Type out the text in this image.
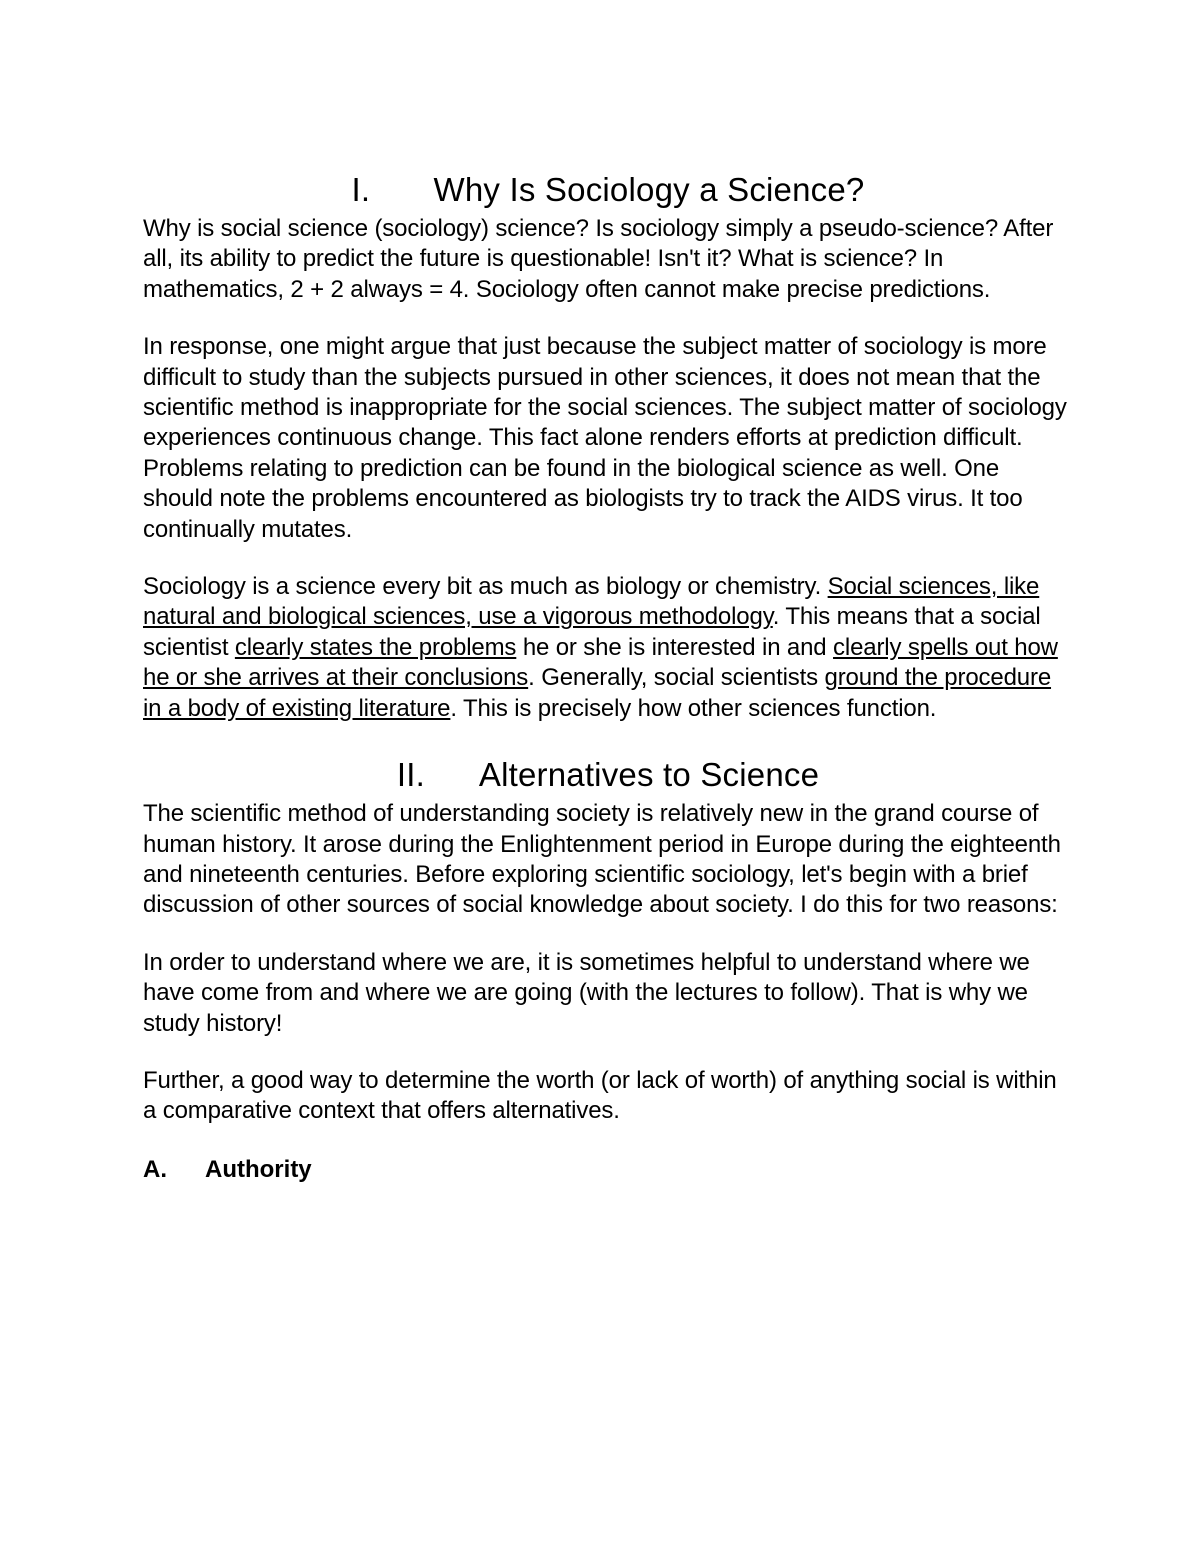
I. Why Is Sociology a Science?

Why is social science (sociology) science? Is sociology simply a pseudo-science? After all, its ability to predict the future is questionable! Isn't it? What is science? In mathematics, 2 + 2 always = 4. Sociology often cannot make precise predictions.

In response, one might argue that just because the subject matter of sociology is more difficult to study than the subjects pursued in other sciences, it does not mean that the scientific method is inappropriate for the social sciences. The subject matter of sociology experiences continuous change. This fact alone renders efforts at prediction difficult. Problems relating to prediction can be found in the biological science as well. One should note the problems encountered as biologists try to track the AIDS virus. It too continually mutates.

Sociology is a science every bit as much as biology or chemistry. Social sciences, like natural and biological sciences, use a vigorous methodology. This means that a social scientist clearly states the problems he or she is interested in and clearly spells out how he or she arrives at their conclusions. Generally, social scientists ground the procedure in a body of existing literature. This is precisely how other sciences function.

II. Alternatives to Science

The scientific method of understanding society is relatively new in the grand course of human history. It arose during the Enlightenment period in Europe during the eighteenth and nineteenth centuries. Before exploring scientific sociology, let's begin with a brief discussion of other sources of social knowledge about society. I do this for two reasons:

In order to understand where we are, it is sometimes helpful to understand where we have come from and where we are going (with the lectures to follow). That is why we study history!

Further, a good way to determine the worth (or lack of worth) of anything social is within a comparative context that offers alternatives.

A. Authority
